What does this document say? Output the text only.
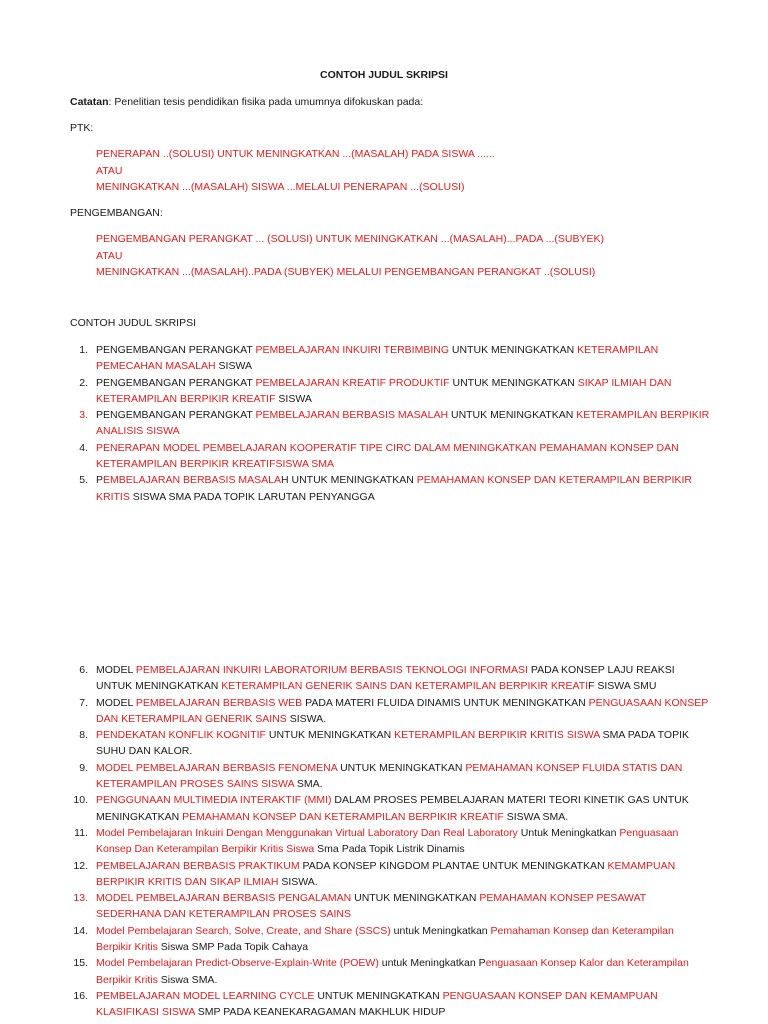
CONTOH JUDUL SKRIPSI
Catatan: Penelitian tesis pendidikan fisika pada umumnya difokuskan pada:
PTK:
PENERAPAN ..(SOLUSI) UNTUK MENINGKATKAN ...(MASALAH) PADA SISWA ......
ATAU
MENINGKATKAN ...(MASALAH) SISWA ...MELALUI PENERAPAN ...(SOLUSI)
PENGEMBANGAN:
PENGEMBANGAN PERANGKAT ... (SOLUSI) UNTUK MENINGKATKAN ...(MASALAH)...PADA ...(SUBYEK)
ATAU
MENINGKATKAN ...(MASALAH)..PADA (SUBYEK) MELALUI PENGEMBANGAN PERANGKAT ..(SOLUSI)
CONTOH JUDUL SKRIPSI
1. PENGEMBANGAN PERANGKAT PEMBELAJARAN INKUIRI TERBIMBING UNTUK MENINGKATKAN KETERAMPILAN PEMECAHAN MASALAH SISWA
2. PENGEMBANGAN PERANGKAT PEMBELAJARAN KREATIF PRODUKTIF UNTUK MENINGKATKAN SIKAP ILMIAH DAN KETERAMPILAN BERPIKIR KREATIF SISWA
3. PENGEMBANGAN PERANGKAT PEMBELAJARAN BERBASIS MASALAH UNTUK MENINGKATKAN KETERAMPILAN BERPIKIR ANALISIS SISWA
4. PENERAPAN MODEL PEMBELAJARAN KOOPERATIF TIPE CIRC DALAM MENINGKATKAN PEMAHAMAN KONSEP DAN KETERAMPILAN BERPIKIR KREATIFSISWA SMA
5. PEMBELAJARAN BERBASIS MASALAH UNTUK MENINGKATKAN PEMAHAMAN KONSEP DAN KETERAMPILAN BERPIKIR KRITIS SISWA SMA PADA TOPIK LARUTAN PENYANGGA
6. MODEL PEMBELAJARAN INKUIRI LABORATORIUM BERBASIS TEKNOLOGI INFORMASI PADA KONSEP LAJU REAKSI UNTUK MENINGKATKAN KETERAMPILAN GENERIK SAINS DAN KETERAMPILAN BERPIKIR KREATIF SISWA SMU
7. MODEL PEMBELAJARAN BERBASIS WEB PADA MATERI FLUIDA DINAMIS UNTUK MENINGKATKAN PENGUASAAN KONSEP DAN KETERAMPILAN GENERIK SAINS SISWA.
8. PENDEKATAN KONFLIK KOGNITIF UNTUK MENINGKATKAN KETERAMPILAN BERPIKIR KRITIS SISWA SMA PADA TOPIK SUHU DAN KALOR.
9. MODEL PEMBELAJARAN BERBASIS FENOMENA UNTUK MENINGKATKAN PEMAHAMAN KONSEP FLUIDA STATIS DAN KETERAMPILAN PROSES SAINS SISWA SMA.
10. PENGGUNAAN MULTIMEDIA INTERAKTIF (MMI) DALAM PROSES PEMBELAJARAN MATERI TEORI KINETIK GAS UNTUK MENINGKATKAN PEMAHAMAN KONSEP DAN KETERAMPILAN BERPIKIR KREATIF SISWA SMA.
11. Model Pembelajaran Inkuiri Dengan Menggunakan Virtual Laboratory Dan Real Laboratory Untuk Meningkatkan Penguasaan Konsep Dan Keterampilan Berpikir Kritis Siswa Sma Pada Topik Listrik Dinamis
12. PEMBELAJARAN BERBASIS PRAKTIKUM PADA KONSEP KINGDOM PLANTAE UNTUK MENINGKATKAN KEMAMPUAN BERPIKIR KRITIS DAN SIKAP ILMIAH SISWA.
13. MODEL PEMBELAJARAN BERBASIS PENGALAMAN UNTUK MENINGKATKAN PEMAHAMAN KONSEP PESAWAT SEDERHANA DAN KETERAMPILAN PROSES SAINS
14. Model Pembelajaran Search, Solve, Create, and Share (SSCS) untuk Meningkatkan Pemahaman Konsep dan Keterampilan Berpikir Kritis Siswa SMP Pada Topik Cahaya
15. Model Pembelajaran Predict-Observe-Explain-Write (POEW) untuk Meningkatkan Penguasaan Konsep Kalor dan Keterampilan Berpikir Kritis Siswa SMA.
16. PEMBELAJARAN MODEL LEARNING CYCLE UNTUK MENINGKATKAN PENGUASAAN KONSEP DAN KEMAMPUAN KLASIFIKASI SISWA SMP PADA KEANEKARAGAMAN MAKHLUK HIDUP
